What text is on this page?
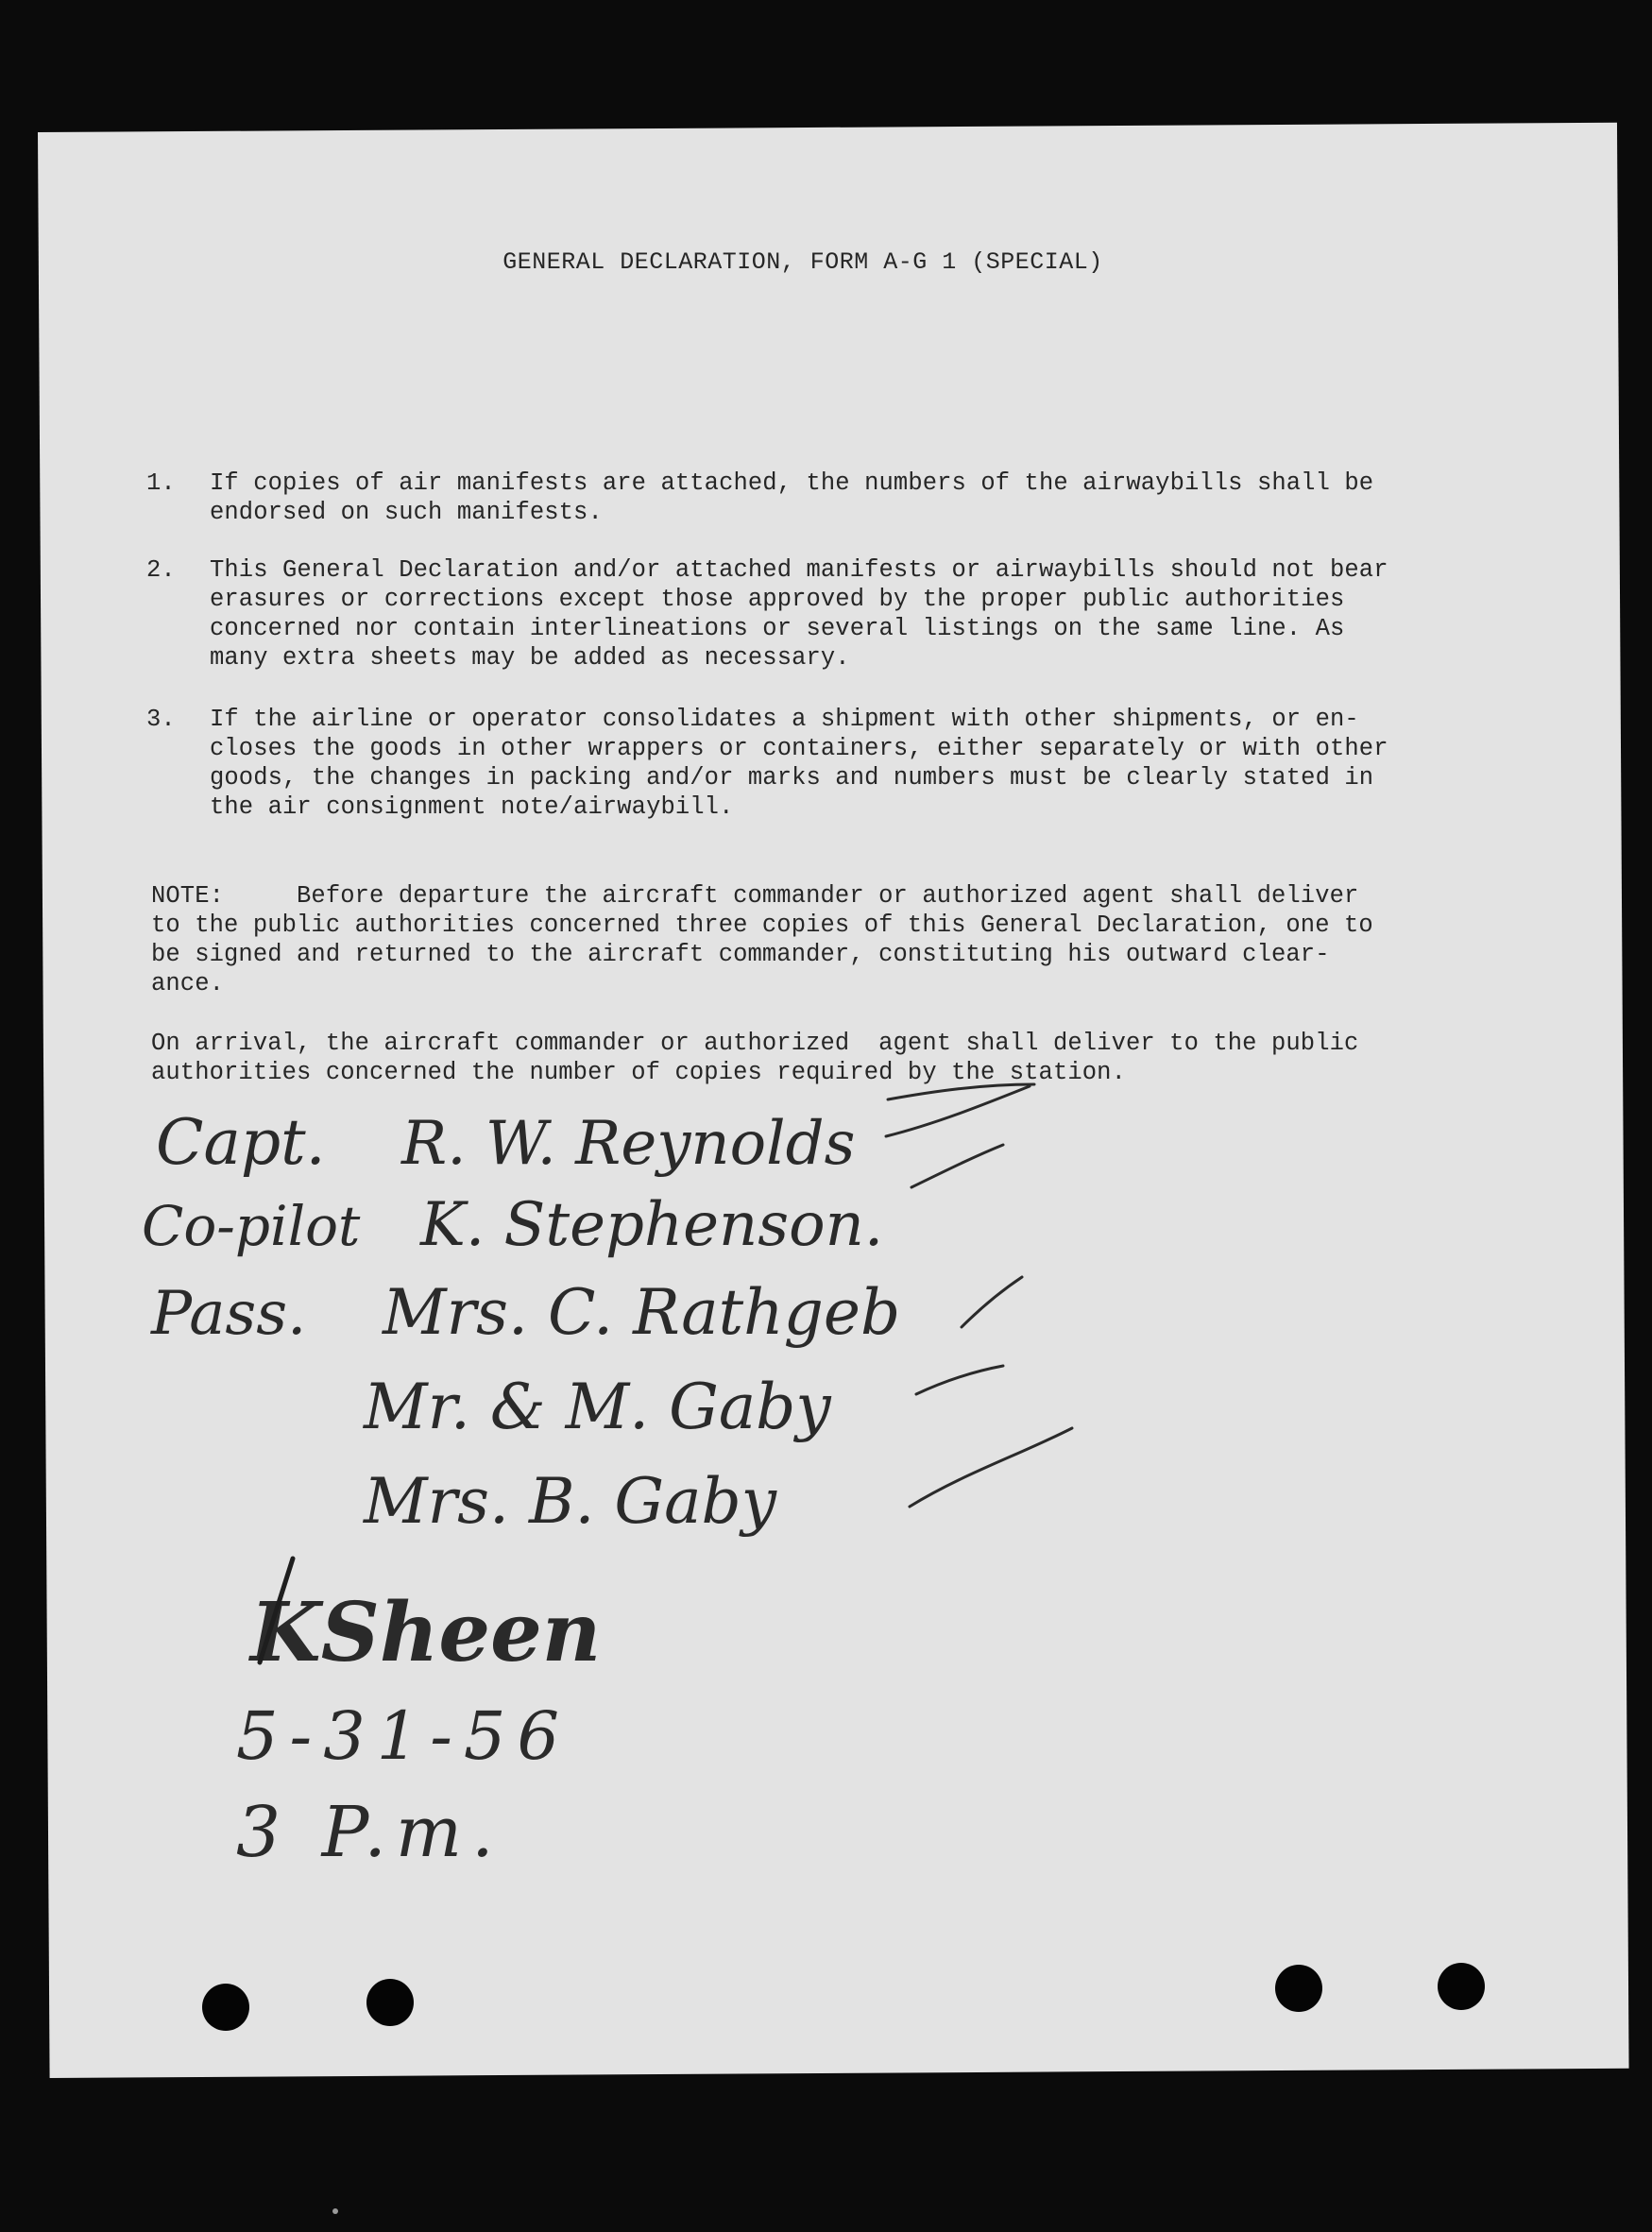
GENERAL DECLARATION, FORM A-G 1 (SPECIAL)
1. If copies of air manifests are attached, the numbers of the airwaybills shall be
endorsed on such manifests.
2. This General Declaration and/or attached manifests or airwaybills should not bear
erasures or corrections except those approved by the proper public authorities
concerned nor contain interlineations or several listings on the same line. As
many extra sheets may be added as necessary.
3. If the airline or operator consolidates a shipment with other shipments, or en-
closes the goods in other wrappers or containers, either separately or with other
goods, the changes in packing and/or marks and numbers must be clearly stated in
the air consignment note/airwaybill.
NOTE:     Before departure the aircraft commander or authorized agent shall deliver
to the public authorities concerned three copies of this General Declaration, one to
be signed and returned to the aircraft commander, constituting his outward clear-
ance.
On arrival, the aircraft commander or authorized  agent shall deliver to the public
authorities concerned the number of copies required by the station.
Capt. R. W. Reynolds
Co-pilot K. Stephenson.
Pass. Mrs. C. Rathgeb
Mr. & M. Gaby
Mrs. B. Gaby
KSheen
5-31-56
3 P.m.
